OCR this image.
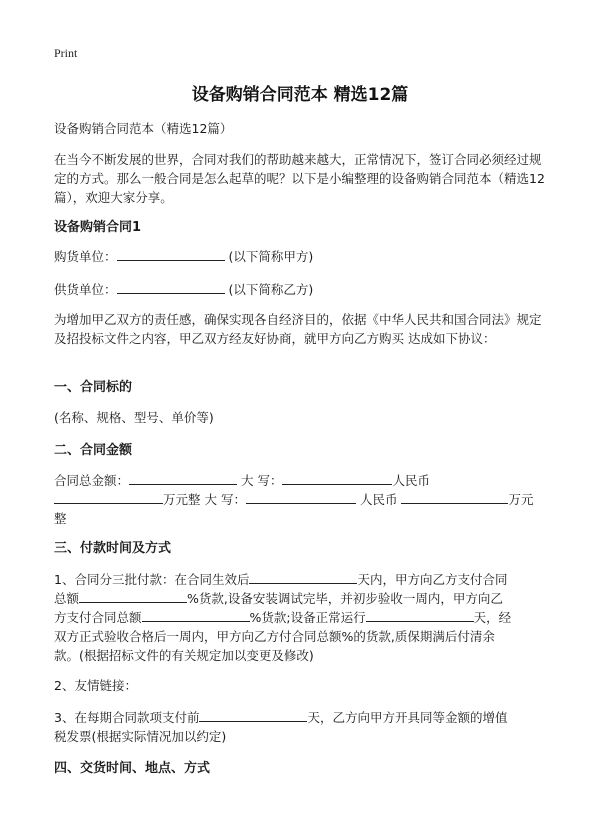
Print
设备购销合同范本 精选12篇
设备购销合同范本（精选12篇）
在当今不断发展的世界，合同对我们的帮助越来越大，正常情况下，签订合同必须经过规定的方式。那么一般合同是怎么起草的呢？以下是小编整理的设备购销合同范本（精选12篇），欢迎大家分享。
设备购销合同1
购货单位：	(以下简称甲方)
供货单位：	(以下简称乙方)
为增加甲乙双方的责任感，确保实现各自经济目的，依据《中华人民共和国合同法》规定及招投标文件之内容，甲乙双方经友好协商，就甲方向乙方购买 达成如下协议：
一、合同标的
(名称、规格、型号、单价等)
二、合同金额
合同总金额：	大 写：	人民币
万元整 大 写：	人民币	万元
整
三、付款时间及方式
1、合同分三批付款：在合同生效后	天内，甲方向乙方支付合同
总额	%货款,设备安装调试完毕，并初步验收一周内，甲方向乙
方支付合同总额	%货款;设备正常运行	天，经
双方正式验收合格后一周内，甲方向乙方付合同总额%的货款,质保期满后付清余
款。(根据招标文件的有关规定加以变更及修改)
2、友情链接：
3、在每期合同款项支付前	天，乙方向甲方开具同等金额的增值
税发票(根据实际情况加以约定)
四、交货时间、地点、方式
